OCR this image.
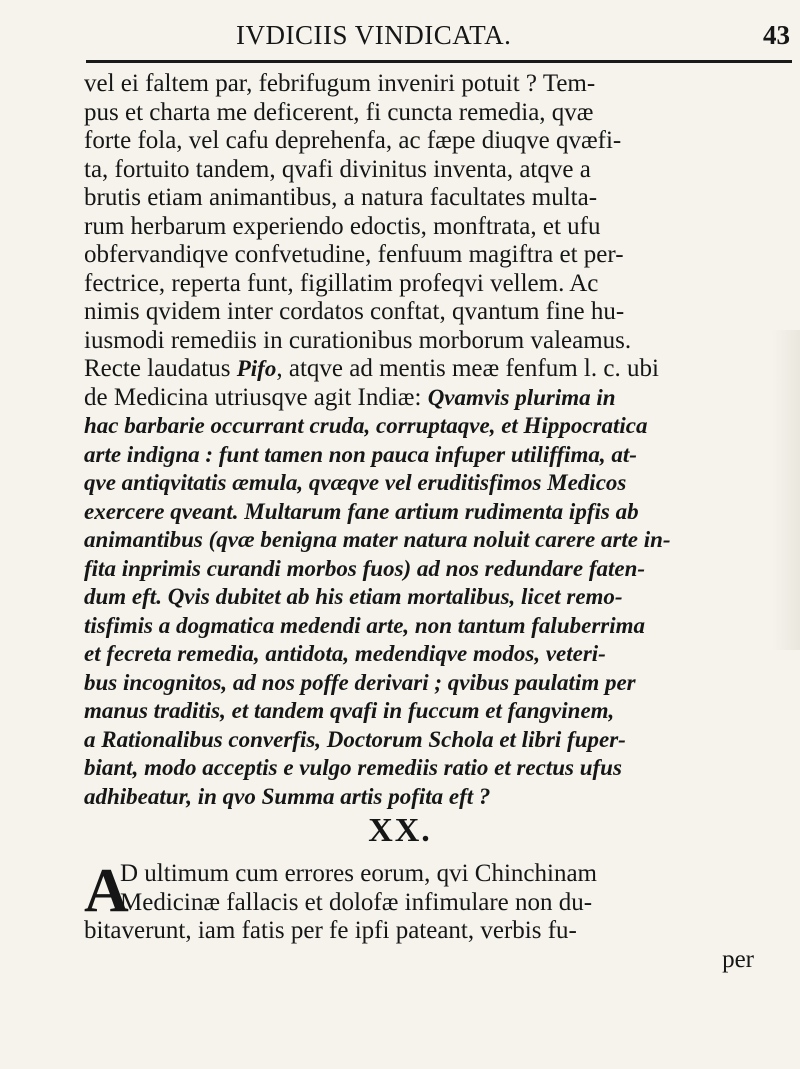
IVDICIIS VINDICATA.	43
vel ei faltem par, febrifugum inveniri potuit ? Tem-
pus et charta me deficerent, fi cuncta remedia, qvæ
forte fola, vel cafu deprehenfa, ac fæpe diuqve qvæfi-
ta, fortuito tandem, qvafi divinitus inventa, atqve a
brutis etiam animantibus, a natura facultates multa-
rum herbarum experiendo edoctis, monftrata, et ufu
obfervandiqve confvetudine, fenfuum magiftra et per-
fectrice, reperta funt, figillatim profeqvi vellem. Ac
nimis qvidem inter cordatos conftat, qvantum fine hu-
iusmodi remediis in curationibus morborum valeamus.
Recte laudatus Pifo, atqve ad mentis meæ fenfum l. c. ubi
de Medicina utriusqve agit Indiæ: Qvamvis plurima in
hac barbarie occurrant cruda, corruptaqve, et Hippocratica
arte indigna : funt tamen non pauca infuper utiliffima, at-
qve antiqvitatis æmula, qvæqve vel eruditisfimos Medicos
exercere qveant. Multarum fane artium rudimenta ipfis ab
animantibus (qvæ benigna mater natura noluit carere arte in-
fita inprimis curandi morbos fuos) ad nos redundare faten-
dum eft. Qvis dubitet ab his etiam mortalibus, licet remo-
tisfimis a dogmatica medendi arte, non tantum faluberrima
et fecreta remedia, antidota, medendiqve modos, veteri-
bus incognitos, ad nos poffe derivari ; qvibus paulatim per
manus traditis, et tandem qvafi in fuccum et fangvinem,
a Rationalibus converfis, Doctorum Schola et libri fuper-
biant, modo acceptis e vulgo remediis ratio et rectus ufus
adhibeatur, in qvo Summa artis pofita eft ?
XX.
A
D ultimum cum errores eorum, qvi Chinchinam
Medicinæ fallacis et dolofæ infimulare non du-
bitaverunt, iam fatis per fe ipfi pateant, verbis fu-
per
